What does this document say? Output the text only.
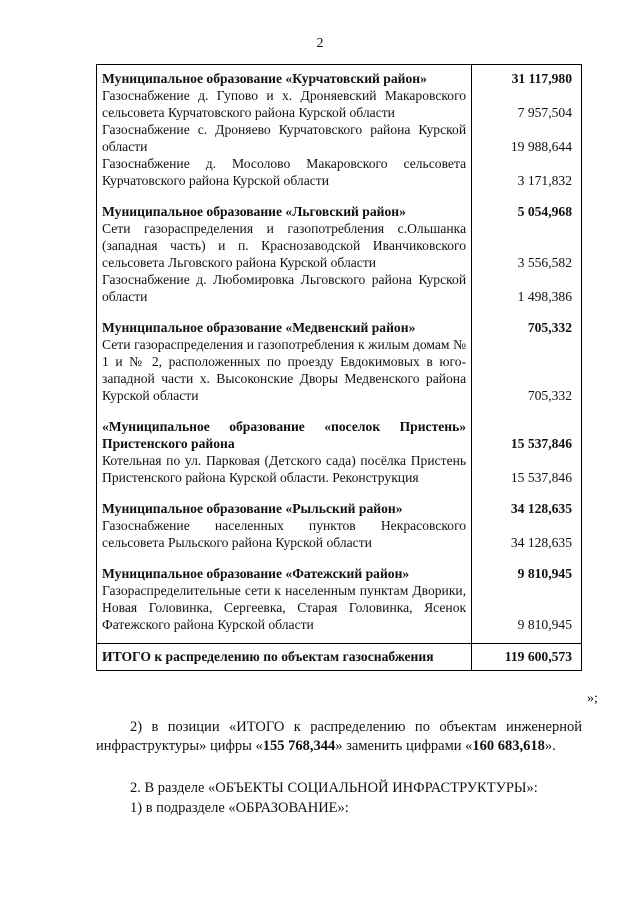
2
Муниципальное образование «Курчатовский район»	31 117,980
Газоснабжение д. Гупово и х. Дроняевский Макаровского сельсовета Курчатовского района Курской области	7 957,504
Газоснабжение с. Дроняево Курчатовского района Курской области	19 988,644
Газоснабжение д. Мосолово Макаровского сельсовета Курчатовского района Курской области	3 171,832
Муниципальное образование «Льговский район»	5 054,968
Сети газораспределения и газопотребления с.Ольшанка (западная часть) и п. Краснозаводской Иванчиковского сельсовета Льговского района Курской области	3 556,582
Газоснабжение д. Любомировка Льговского района Курской области	1 498,386
Муниципальное образование «Медвенский район»	705,332
Сети газораспределения и газопотребления к жилым домам № 1 и № 2, расположенных по проезду Евдокимовых в юго-западной части х. Высоконские Дворы Медвенского района Курской области	705,332
«Муниципальное образование «поселок Пристень» Пристенского района	15 537,846
Котельная по ул. Парковая (Детского сада) посёлка Пристень Пристенского района Курской области. Реконструкция	15 537,846
Муниципальное образование «Рыльский район»	34 128,635
Газоснабжение населенных пунктов Некрасовского сельсовета Рыльского района Курской области	34 128,635
Муниципальное образование «Фатежский район»	9 810,945
Газораспределительные сети к населенным пунктам Дворики, Новая Головинка, Сергеевка, Старая Головинка, Ясенок Фатежского района Курской области	9 810,945

ИТОГО к распределению по объектам газоснабжения	119 600,573
»;
2) в позиции «ИТОГО к распределению по объектам инженерной инфраструктуры» цифры «155 768,344» заменить цифрами «160 683,618».
2. В разделе «ОБЪЕКТЫ СОЦИАЛЬНОЙ ИНФРАСТРУКТУРЫ»:
1) в подразделе «ОБРАЗОВАНИЕ»:
